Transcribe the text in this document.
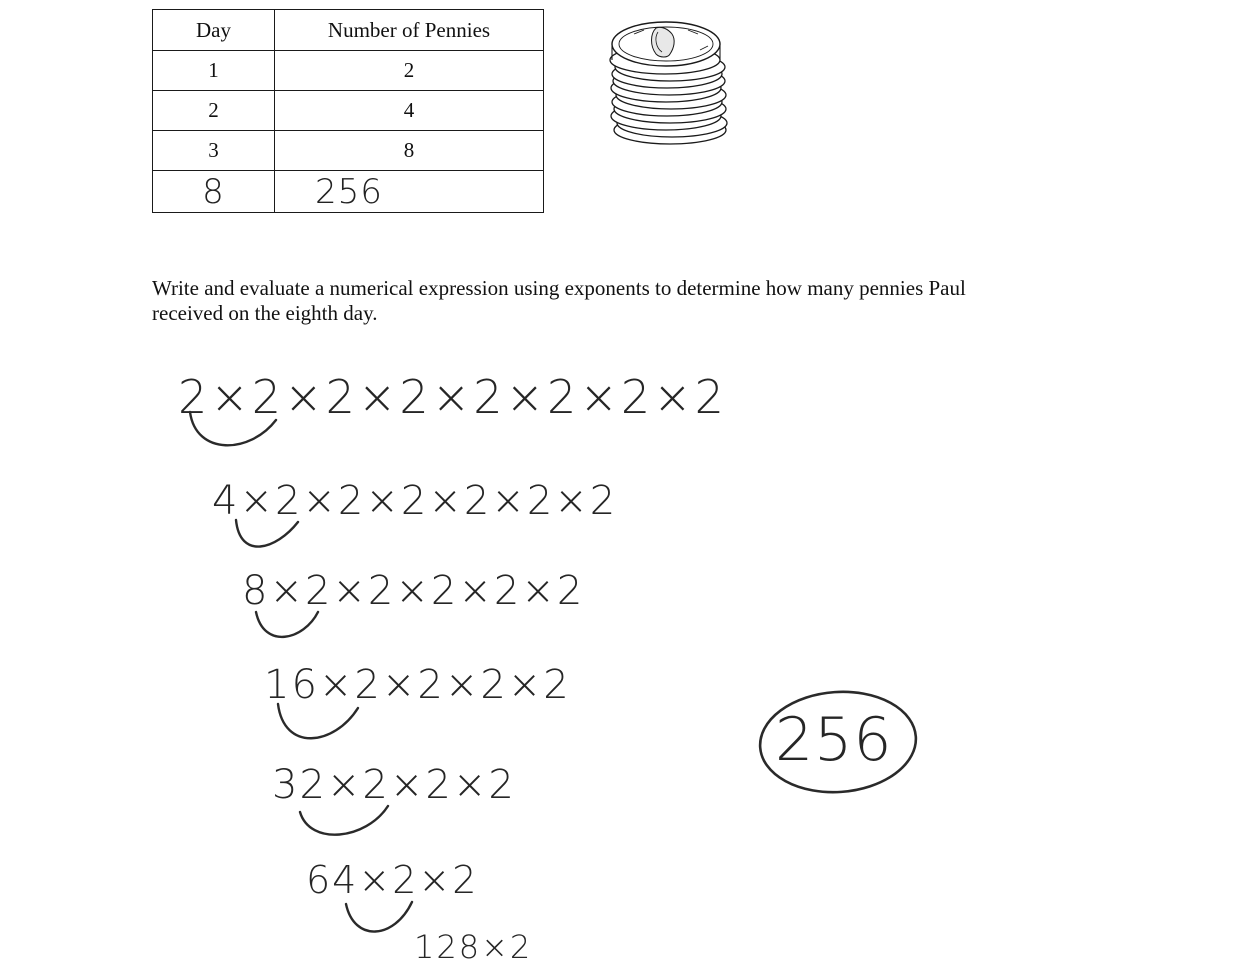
Day	Number of Pennies
1	2
2	4
3	8
8	256
Write and evaluate a numerical expression using exponents to determine how many pennies Paul
received on the eighth day.
2×2×2×2×2×2×2×2
4×2×2×2×2×2×2
8×2×2×2×2×2
16×2×2×2×2
32×2×2×2
64×2×2
128×2
256
